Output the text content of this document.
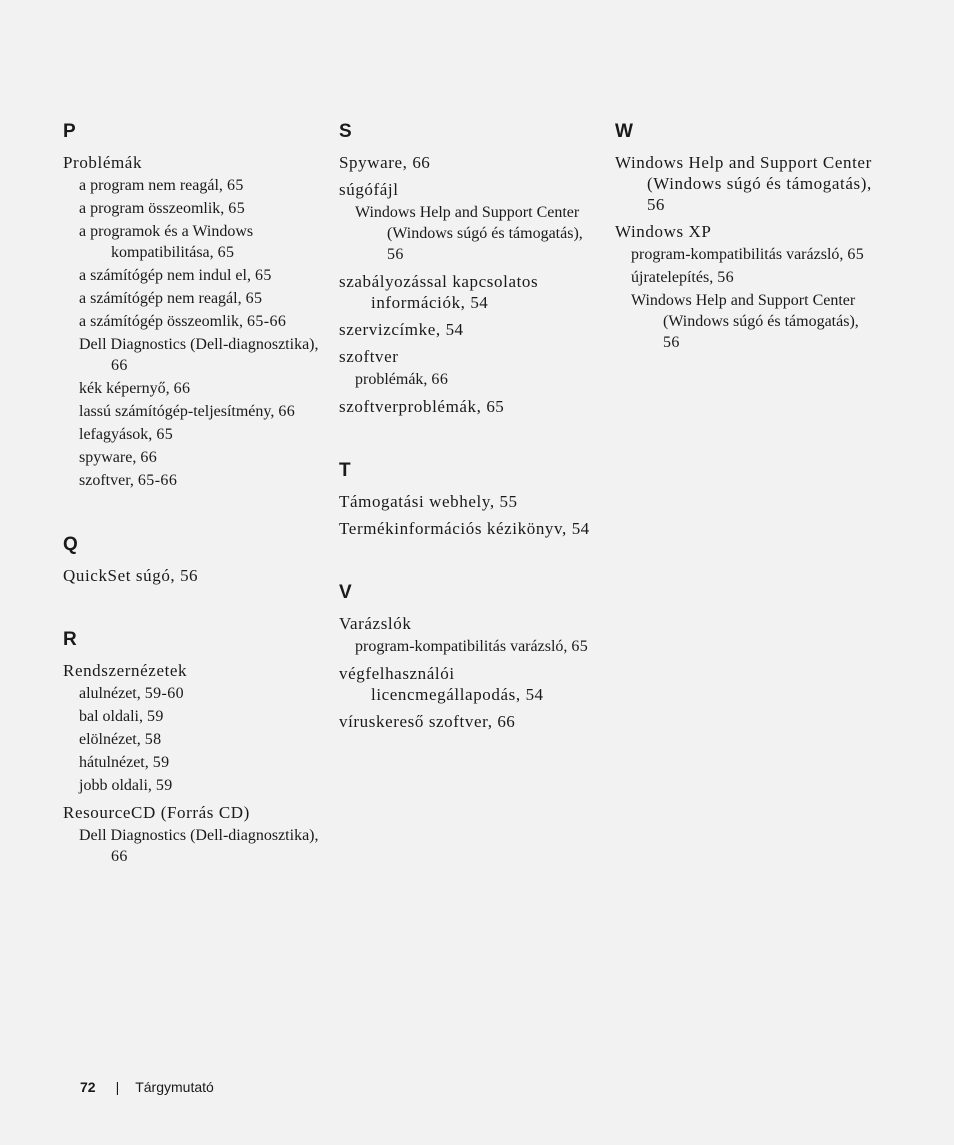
P
Problémák
a program nem reagál, 65
a program összeomlik, 65
a programok és a Windows kompatibilitása, 65
a számítógép nem indul el, 65
a számítógép nem reagál, 65
a számítógép összeomlik, 65-66
Dell Diagnostics (Dell-diagnosztika), 66
kék képernyő, 66
lassú számítógép-teljesítmény, 66
lefagyások, 65
spyware, 66
szoftver, 65-66
Q
QuickSet súgó, 56
R
Rendszernézetek
alulnézet, 59-60
bal oldali, 59
elölnézet, 58
hátulnézet, 59
jobb oldali, 59
ResourceCD (Forrás CD)
Dell Diagnostics (Dell-diagnosztika), 66
S
Spyware, 66
súgófájl
Windows Help and Support Center (Windows súgó és támogatás), 56
szabályozással kapcsolatos információk, 54
szervizcímke, 54
szoftver
problémák, 66
szoftverproblémák, 65
T
Támogatási webhely, 55
Termékinformációs kézikönyv, 54
V
Varázslók
program-kompatibilitás varázsló, 65
végfelhasználói licencmegállapodás, 54
víruskereső szoftver, 66
W
Windows Help and Support Center (Windows súgó és támogatás), 56
Windows XP
program-kompatibilitás varázsló, 65
újratelepítés, 56
Windows Help and Support Center (Windows súgó és támogatás), 56
72 | Tárgymutató
